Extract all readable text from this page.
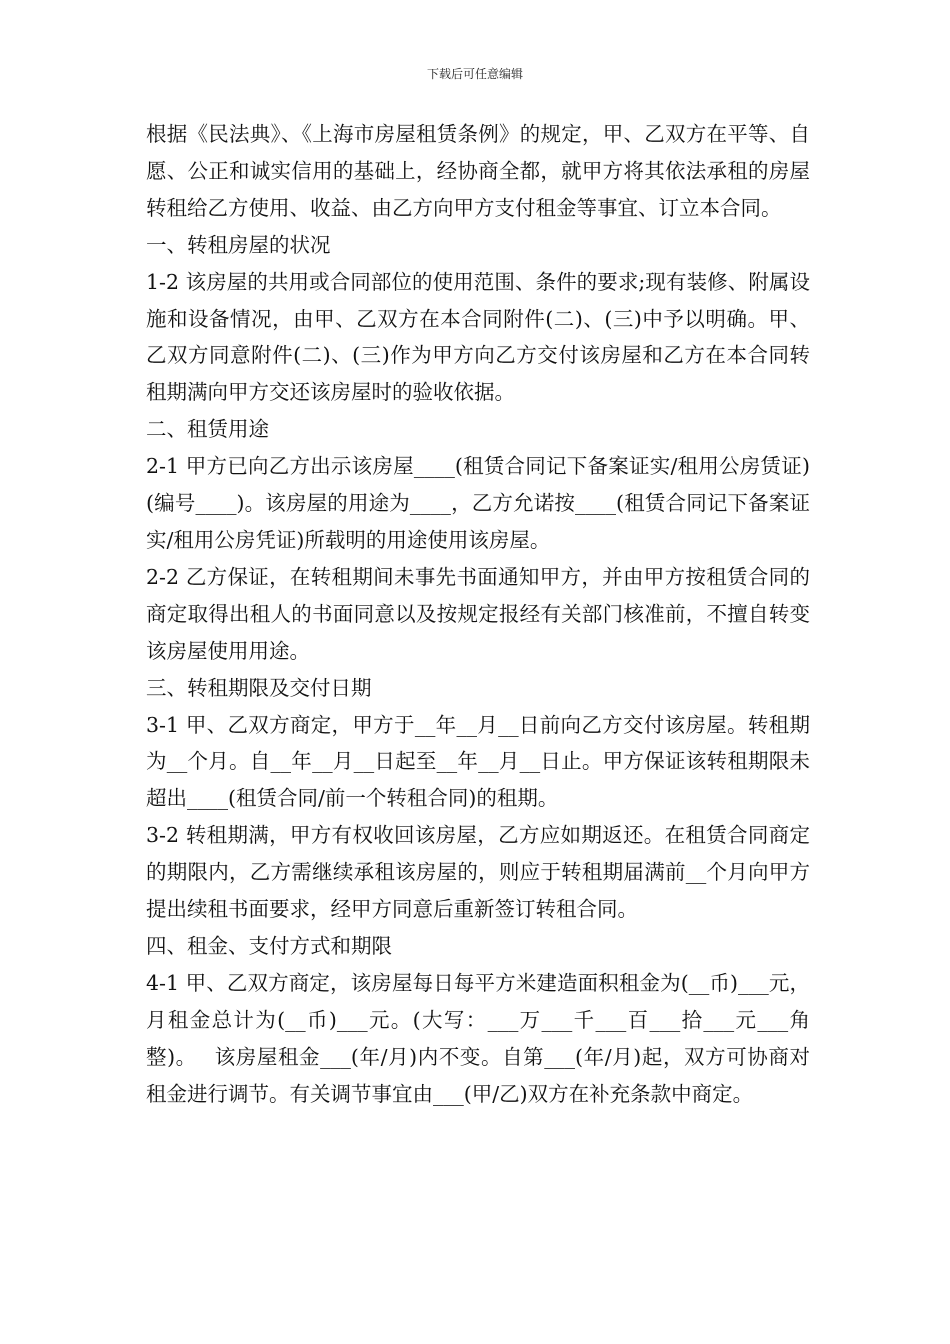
下载后可任意编辑

根据《民法典》、《上海市房屋租赁条例》的规定，甲、乙双方在平等、自愿、公正和诚实信用的基础上，经协商全都，就甲方将其依法承租的房屋转租给乙方使用、收益、由乙方向甲方支付租金等事宜、订立本合同。

一、转租房屋的状况

1-2 该房屋的共用或合同部位的使用范围、条件的要求;现有装修、附属设施和设备情况，由甲、乙双方在本合同附件(二)、(三)中予以明确。甲、乙双方同意附件(二)、(三)作为甲方向乙方交付该房屋和乙方在本合同转租期满向甲方交还该房屋时的验收依据。

二、租赁用途

2-1 甲方已向乙方出示该房屋____(租赁合同记下备案证实/租用公房赁证)(编号____)。该房屋的用途为____，乙方允诺按____(租赁合同记下备案证实/租用公房凭证)所载明的用途使用该房屋。

2-2 乙方保证，在转租期间未事先书面通知甲方，并由甲方按租赁合同的商定取得出租人的书面同意以及按规定报经有关部门核准前，不擅自转变该房屋使用用途。

三、转租期限及交付日期

3-1 甲、乙双方商定，甲方于__年__月__日前向乙方交付该房屋。转租期为__个月。自__年__月__日起至__年__月__日止。甲方保证该转租期限未超出____(租赁合同/前一个转租合同)的租期。

3-2 转租期满，甲方有权收回该房屋，乙方应如期返还。在租赁合同商定的期限内，乙方需继续承租该房屋的，则应于转租期届满前__个月向甲方提出续租书面要求，经甲方同意后重新签订转租合同。

四、租金、支付方式和期限

4-1 甲、乙双方商定，该房屋每日每平方米建造面积租金为(__币)___元，月租金总计为(__币)___元。(大写：___万___千___百___拾___元___角整)。　 该房屋租金___(年/月)内不变。自第___(年/月)起，双方可协商对租金进行调节。有关调节事宜由___(甲/乙)双方在补充条款中商定。
